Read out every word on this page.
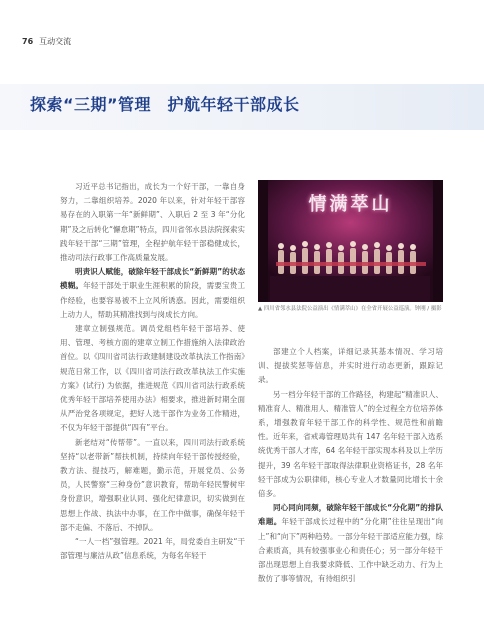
76 互动交流
探索“三期”管理　护航年轻干部成长

习近平总书记指出，成长为一个好干部，一靠自身努力，二靠组织培养。2020 年以来，针对年轻干部容易存在的入职第一年“新鲜期”、入职后 2 至 3 年“分化期”及之后转化“懈怠期”特点，四川省邻水县法院探索实践年轻干部“三期”管理，全程护航年轻干部稳健成长，推动司法行政事工作高质量发展。

明责识人赋能，破除年轻干部成长“新鲜期”的状态模糊。年轻干部处于职业生涯积累的阶段，需要宝贵工作经验，也要容易被不上立风所诱惑。因此，需要组织上动力人，帮助其精准找到与岗成长方向。

建章立制强规范。调员党组档年轻干部培养、使用、管理、考核方面的建章立制工作措施纳入法律政治首位。以《四川省司法行政建制建设改革执法工作指南》规范日常工作，以《四川省司法行政改革执法工作实施方案》(试行) 为依据，推进规范《四川省司法行政系统优秀年轻干部培养使用办法》相要求，推进新时期全面从严治党各项规定，把好人选干部作为业务工作精进，不仅为年轻干部提供“四有”平台。

新老结对“传帮带”。一直以来，四川司法行政系统坚持“以老带新”帮扶机制，持续向年轻干部传授经验，教方法、提技巧，解难题，勤示范，开展党员、公务员，人民警察“三种身份”意识教育，帮助年轻民警树牢身份意识，增强职业认同、强化纪律意识，切实做到在思想上作战、执法中办事，在工作中做事，确保年轻干部不走偏、不落后、不掉队。

“一人一档”强管理。2021 年，局党委自主研发“干部管理与廉洁从政”信息系统，为每名年轻干

情满萃山
▲ 四川省邻水县法院公益演出《情满萃山》在全省开展公益巡演。钟刚 / 摄影

部建立个人档案，详细记录其基本情况、学习培训、提拔奖惩等信息，并实时进行动态更新，跟踪记录。

另一档分年轻干部的工作路径，构建起“精准识人、精准育人、精准用人、精准管人”的全过程全方位培养体系，增强教育年轻干部工作的科学性、规范性和前瞻性。近年来，省戒毒管理局共有 147 名年轻干部入选系统优秀干部人才库，64 名年轻干部实现本科及以上学历提升，39 名年轻干部取得法律职业资格证书，28 名年轻干部成为公职律师，核心专业人才数量同比增长十余倍多。

同心同向同频，破除年轻干部成长“分化期”的排队难题。年轻干部成长过程中的“分化期”往往呈现出“向上”和“向下”两种趋势。一部分年轻干部适应能力强，综合素质高，具有较强事业心和责任心；另一部分年轻干部出现思想上自我要求降低、工作中缺乏动力、行为上散仿了事等情况，有待组织引
